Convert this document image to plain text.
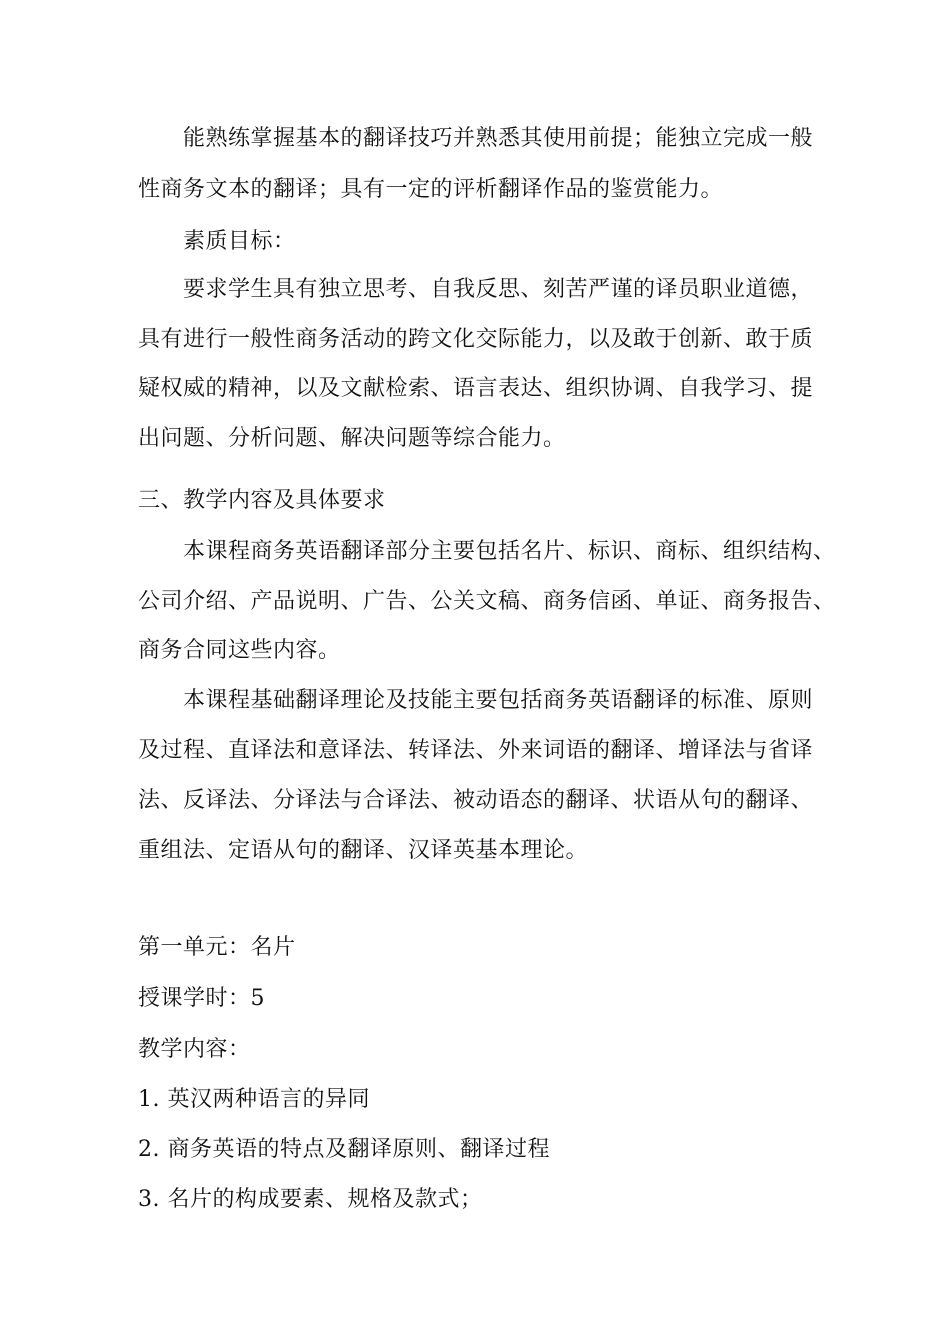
能熟练掌握基本的翻译技巧并熟悉其使用前提；能独立完成一般
性商务文本的翻译；具有一定的评析翻译作品的鉴赏能力。
素质目标：
要求学生具有独立思考、自我反思、刻苦严谨的译员职业道德，
具有进行一般性商务活动的跨文化交际能力，以及敢于创新、敢于质
疑权威的精神，以及文献检索、语言表达、组织协调、自我学习、提
出问题、分析问题、解决问题等综合能力。
三、教学内容及具体要求
本课程商务英语翻译部分主要包括名片、标识、商标、组织结构、
公司介绍、产品说明、广告、公关文稿、商务信函、单证、商务报告、
商务合同这些内容。
本课程基础翻译理论及技能主要包括商务英语翻译的标准、原则
及过程、直译法和意译法、转译法、外来词语的翻译、增译法与省译
法、反译法、分译法与合译法、被动语态的翻译、状语从句的翻译、
重组法、定语从句的翻译、汉译英基本理论。
第一单元：名片
授课学时：5
教学内容：
1. 英汉两种语言的异同
2. 商务英语的特点及翻译原则、翻译过程
3. 名片的构成要素、规格及款式；
